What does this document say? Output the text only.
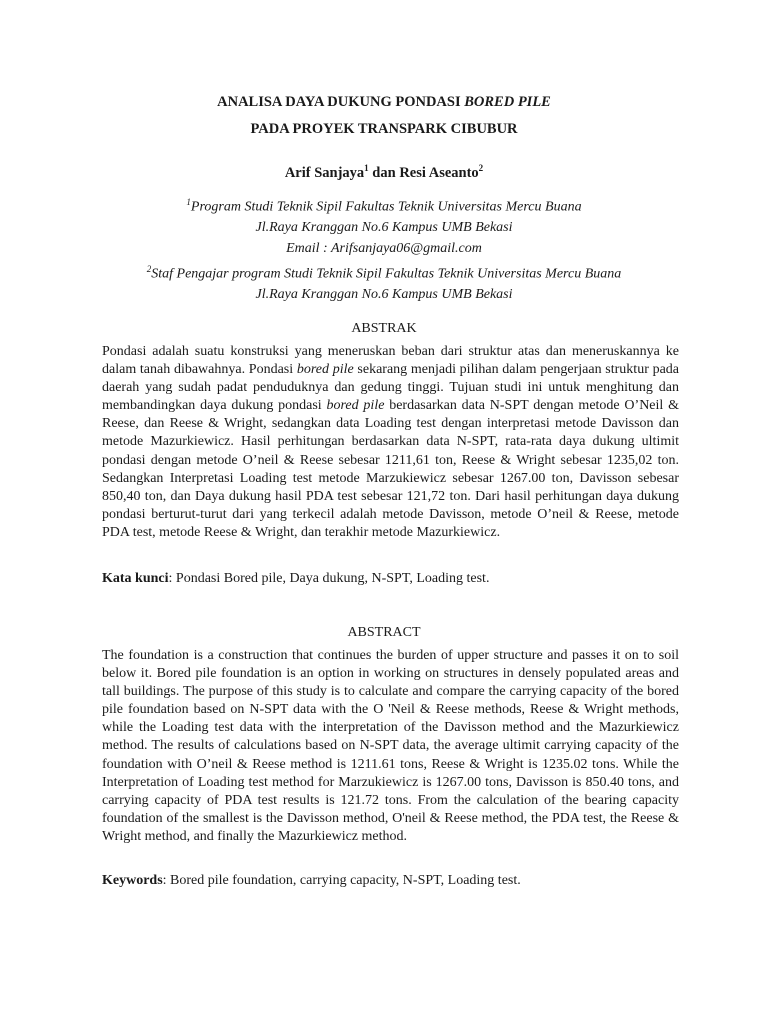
ANALISA DAYA DUKUNG PONDASI BORED PILE
PADA PROYEK TRANSPARK CIBUBUR
Arif Sanjaya$^1$ dan Resi Aseanto$^2$
$^1$Program Studi Teknik Sipil Fakultas Teknik Universitas Mercu Buana
Jl.Raya Kranggan No.6 Kampus UMB Bekasi
Email : Arifsanjaya06@gmail.com
$^2$Staf Pengajar program Studi Teknik Sipil Fakultas Teknik Universitas Mercu Buana
Jl.Raya Kranggan No.6 Kampus UMB Bekasi
ABSTRAK
Pondasi adalah suatu konstruksi yang meneruskan beban dari struktur atas dan meneruskannya ke dalam tanah dibawahnya. Pondasi bored pile sekarang menjadi pilihan dalam pengerjaan struktur pada daerah yang sudah padat penduduknya dan gedung tinggi. Tujuan studi ini untuk menghitung dan membandingkan daya dukung pondasi bored pile berdasarkan data N-SPT dengan metode O’Neil & Reese, dan Reese & Wright, sedangkan data Loading test dengan interpretasi metode Davisson dan metode Mazurkiewicz. Hasil perhitungan berdasarkan data N-SPT, rata-rata daya dukung ultimit pondasi dengan metode O’neil & Reese sebesar 1211,61 ton, Reese & Wright sebesar 1235,02 ton. Sedangkan Interpretasi Loading test metode Marzukiewicz sebesar 1267.00 ton, Davisson sebesar 850,40 ton, dan Daya dukung hasil PDA test sebesar 121,72 ton. Dari hasil perhitungan daya dukung pondasi berturut-turut dari yang terkecil adalah metode Davisson, metode O’neil & Reese, metode PDA test, metode Reese & Wright, dan terakhir metode Mazurkiewicz.
Kata kunci: Pondasi Bored pile, Daya dukung, N-SPT, Loading test.
ABSTRACT
The foundation is a construction that continues the burden of upper structure and passes it on to soil below it. Bored pile foundation is an option in working on structures in densely populated areas and tall buildings. The purpose of this study is to calculate and compare the carrying capacity of the bored pile foundation based on N-SPT data with the O 'Neil & Reese methods, Reese & Wright methods, while the Loading test data with the interpretation of the Davisson method and the Mazurkiewicz method. The results of calculations based on N-SPT data, the average ultimit carrying capacity of the foundation with O’neil & Reese method is 1211.61 tons, Reese & Wright is 1235.02 tons. While the Interpretation of Loading test method for Marzukiewicz is 1267.00 tons, Davisson is 850.40 tons, and carrying capacity of PDA test results is 121.72 tons. From the calculation of the bearing capacity foundation of the smallest is the Davisson method, O'neil & Reese method, the PDA test, the Reese & Wright method, and finally the Mazurkiewicz method.
Keywords: Bored pile foundation, carrying capacity, N-SPT, Loading test.
